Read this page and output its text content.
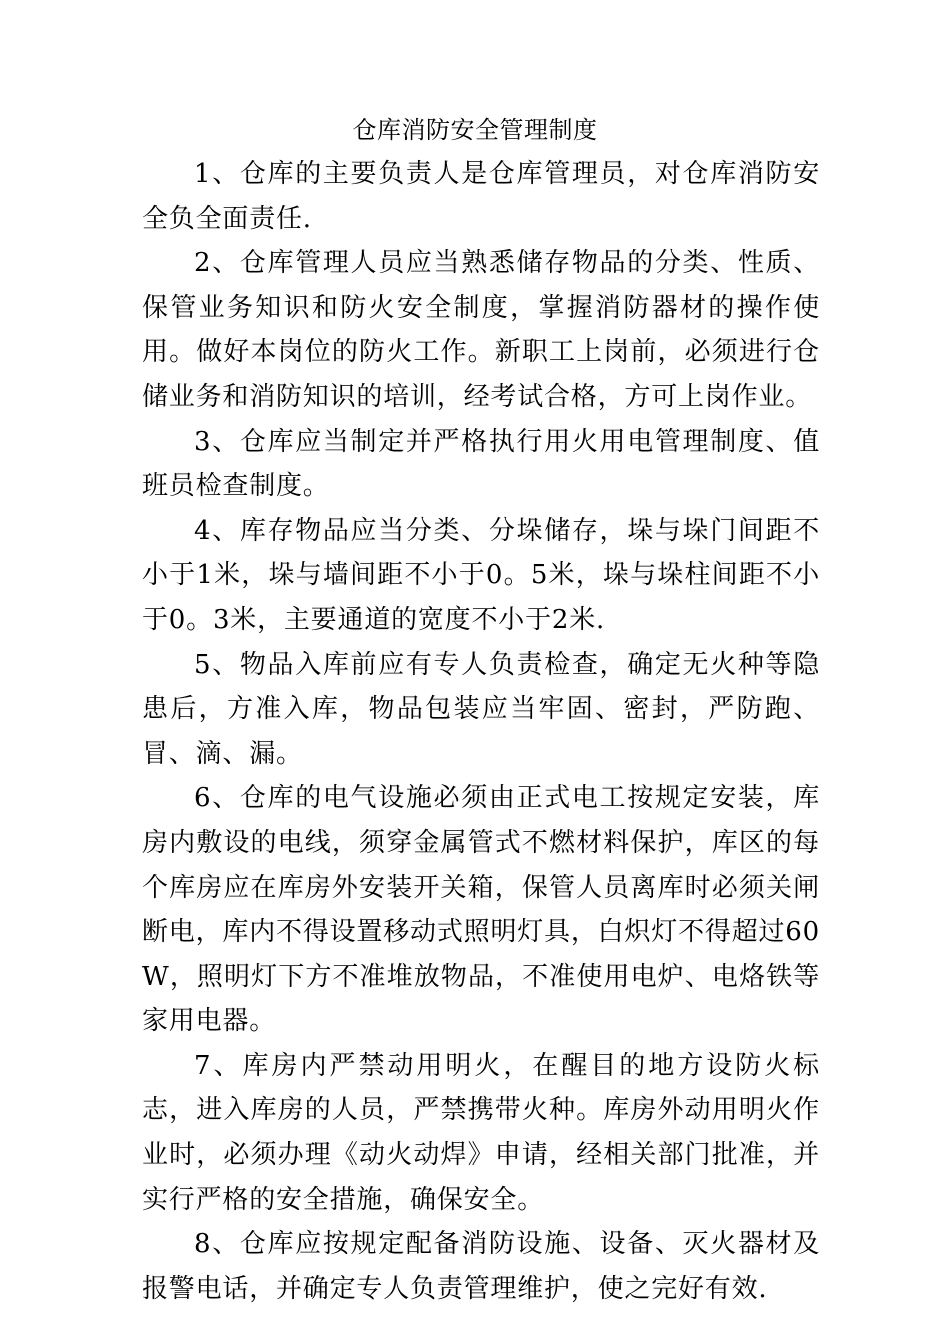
仓库消防安全管理制度

1、仓库的主要负责人是仓库管理员，对仓库消防安全负全面责任.

2、仓库管理人员应当熟悉储存物品的分类、性质、保管业务知识和防火安全制度，掌握消防器材的操作使用。做好本岗位的防火工作。新职工上岗前，必须进行仓储业务和消防知识的培训，经考试合格，方可上岗作业。

3、仓库应当制定并严格执行用火用电管理制度、值班员检查制度。

4、库存物品应当分类、分垛储存，垛与垛门间距不小于1米，垛与墙间距不小于0。5米，垛与垛柱间距不小于0。3米，主要通道的宽度不小于2米.

5、物品入库前应有专人负责检查，确定无火种等隐患后，方准入库，物品包装应当牢固、密封，严防跑、冒、滴、漏。

6、仓库的电气设施必须由正式电工按规定安装，库房内敷设的电线，须穿金属管式不燃材料保护，库区的每个库房应在库房外安装开关箱，保管人员离库时必须关闸断电，库内不得设置移动式照明灯具，白炽灯不得超过60W，照明灯下方不准堆放物品，不准使用电炉、电烙铁等家用电器。

7、库房内严禁动用明火，在醒目的地方设防火标志，进入库房的人员，严禁携带火种。库房外动用明火作业时，必须办理《动火动焊》申请，经相关部门批准，并实行严格的安全措施，确保安全。

8、仓库应按规定配备消防设施、设备、灭火器材及报警电话，并确定专人负责管理维护，使之完好有效.
